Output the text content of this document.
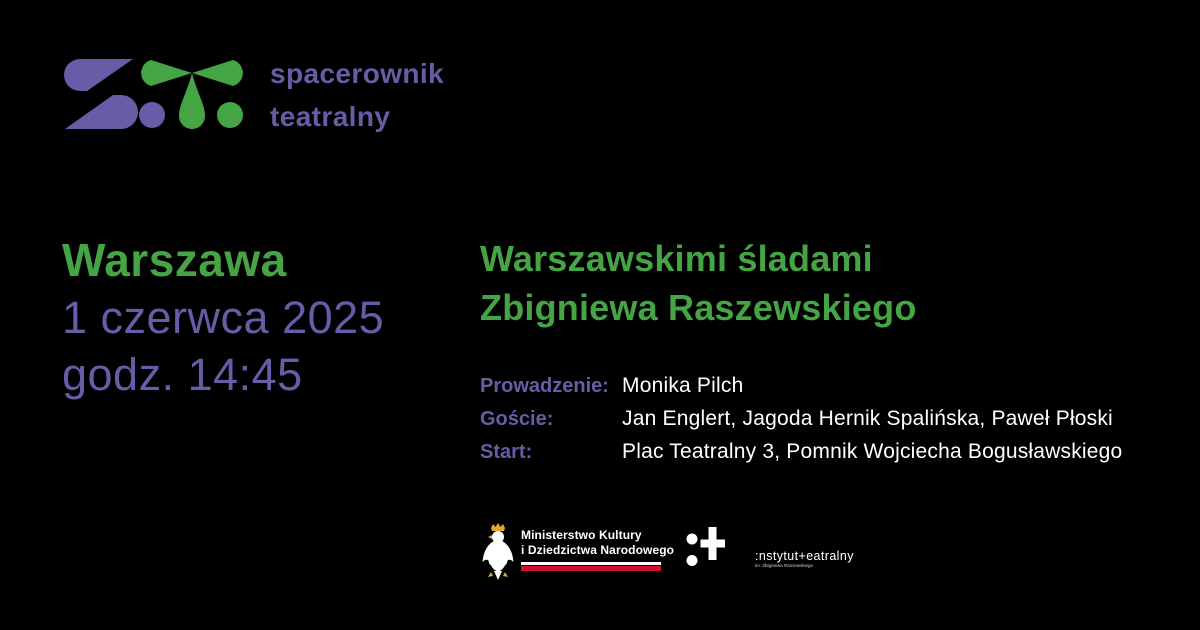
spacerownik
teatralny
Warszawa
1 czerwca 2025
godz. 14:45
Warszawskimi śladami
Zbigniewa Raszewskiego
Prowadzenie: Monika Pilch
Goście:	Jan Englert, Jagoda Hernik Spalińska, Paweł Płoski
Start:	Plac Teatralny 3, Pomnik Wojciecha Bogusławskiego
Ministerstwo Kultury
i Dziedzictwa Narodowego	:nstytut+eatralny
im. Zbigniewa Raszewskiego
